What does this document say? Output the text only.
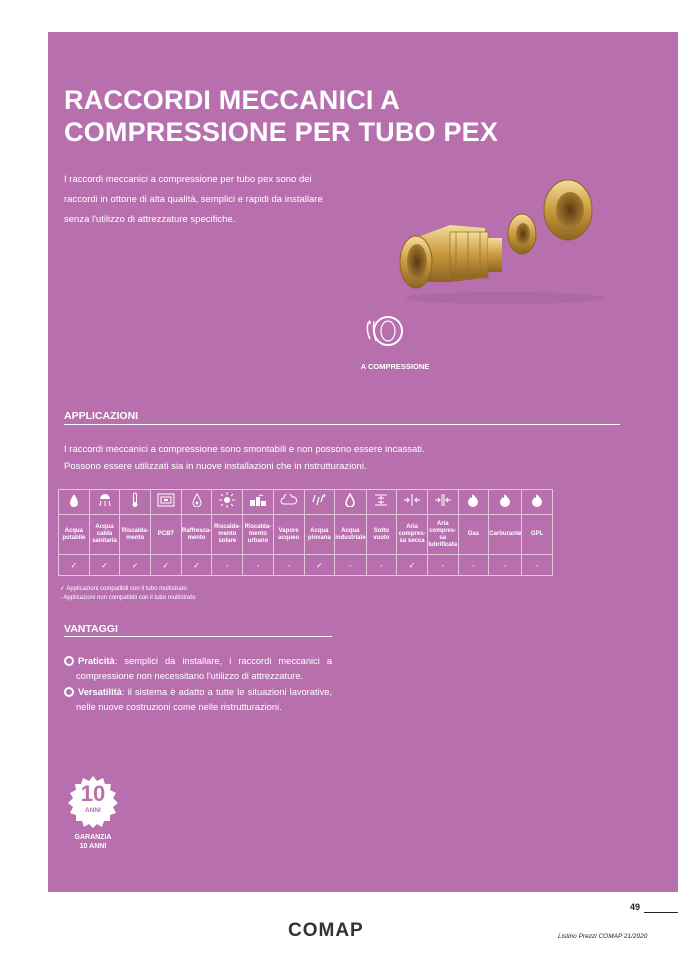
RACCORDI MECCANICI A
COMPRESSIONE PER TUBO PEX
I raccordi meccanici a compressione per tubo pex sono dei raccordi in ottone di alta qualità, semplici e rapidi da installare senza l'utilizzo di attrezzature specifiche.
A COMPRESSIONE
APPLICAZIONI
I raccordi meccanici a compressione sono smontabili e non possono essere incassati.
Possono essere utilizzati sia in nuove installazioni che in ristrutturazioni.

Acqua potabile	Acqua calda sanitaria	Riscalda-mento	PCBT	Raffresca-mento	Riscalda-mento solare	Riscalda-mento urbano	Vapore acqueo	Acqua piovana	Acqua industriale	Sotto vuoto	Aria compres-sa secca	Aria compres-sa lubrificata	Gas	Carburante	GPL
✓	✓	✓	✓	✓	-	-	-	✓	-	-	✓	-	-	-	-
✓ Applicazioni compatibili con il tubo multistrato
- Applicazioni non compatibili con il tubo multistrato
VANTAGGI

Praticità: semplici da installare, i raccordi meccanici a compressione non necessitano l'utilizzo di attrezzature.

Versatilità: il sistema è adatto a tutte le situazioni lavorative, nelle nuove costruzioni come nelle ristrutturazioni.

10
ANNI
GARANZIA
10 ANNI
49
COMAP	Listino Prezzi COMAP 21/2020
